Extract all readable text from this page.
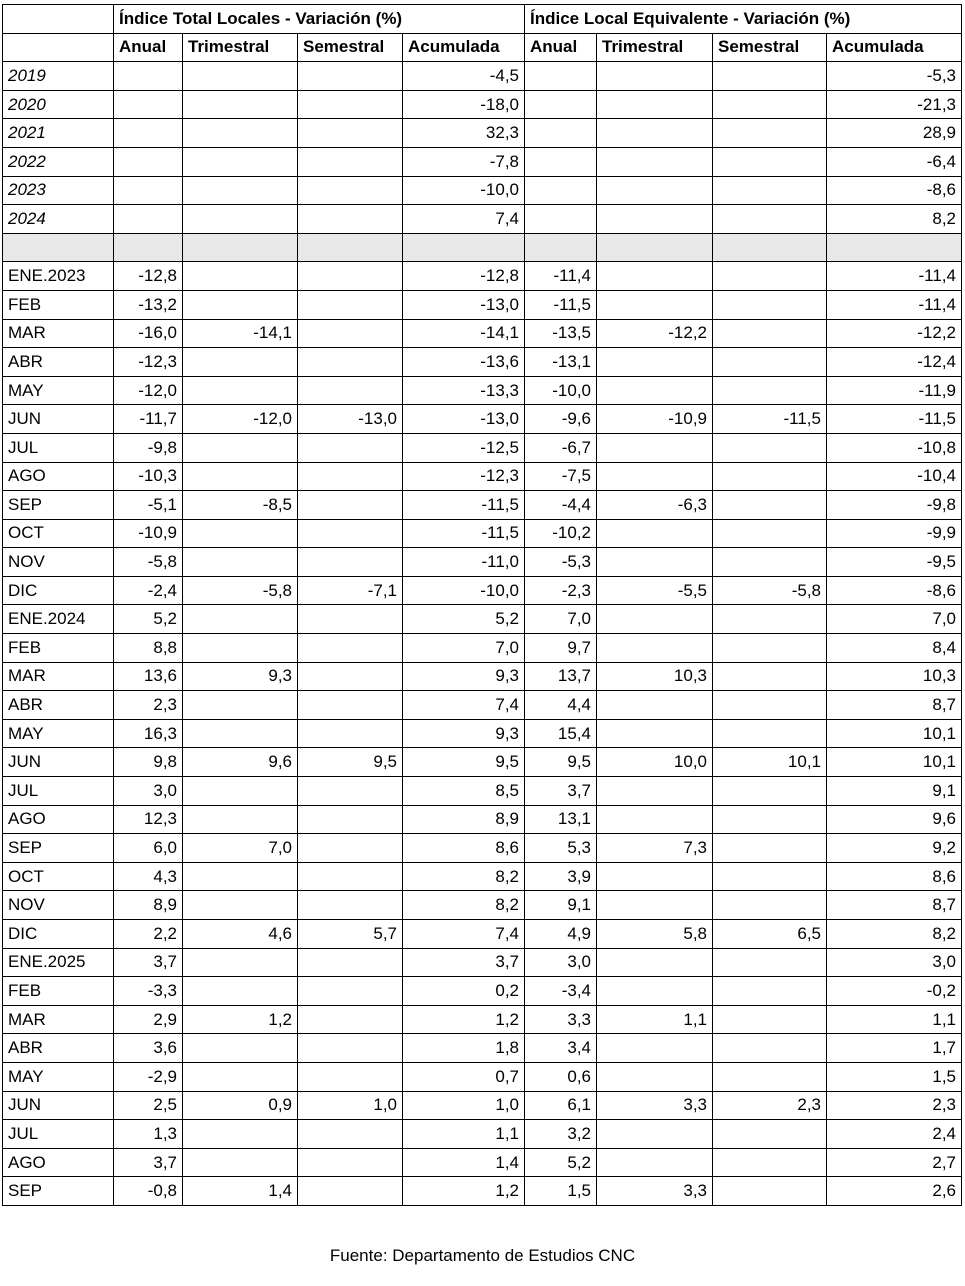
	Índice Total Locales - Variación (%)				Índice Local Equivalente - Variación (%)			
	Anual	Trimestral	Semestral	Acumulada	Anual	Trimestral	Semestral	Acumulada
2019				-4,5				-5,3
2020				-18,0				-21,3
2021				32,3				28,9
2022				-7,8				-6,4
2023				-10,0				-8,6
2024				7,4				8,2

ENE.2023	-12,8			-12,8	-11,4			-11,4
FEB	-13,2			-13,0	-11,5			-11,4
MAR	-16,0	-14,1		-14,1	-13,5	-12,2		-12,2
ABR	-12,3			-13,6	-13,1			-12,4
MAY	-12,0			-13,3	-10,0			-11,9
JUN	-11,7	-12,0	-13,0	-13,0	-9,6	-10,9	-11,5	-11,5
JUL	-9,8			-12,5	-6,7			-10,8
AGO	-10,3			-12,3	-7,5			-10,4
SEP	-5,1	-8,5		-11,5	-4,4	-6,3		-9,8
OCT	-10,9			-11,5	-10,2			-9,9
NOV	-5,8			-11,0	-5,3			-9,5
DIC	-2,4	-5,8	-7,1	-10,0	-2,3	-5,5	-5,8	-8,6
ENE.2024	5,2			5,2	7,0			7,0
FEB	8,8			7,0	9,7			8,4
MAR	13,6	9,3		9,3	13,7	10,3		10,3
ABR	2,3			7,4	4,4			8,7
MAY	16,3			9,3	15,4			10,1
JUN	9,8	9,6	9,5	9,5	9,5	10,0	10,1	10,1
JUL	3,0			8,5	3,7			9,1
AGO	12,3			8,9	13,1			9,6
SEP	6,0	7,0		8,6	5,3	7,3		9,2
OCT	4,3			8,2	3,9			8,6
NOV	8,9			8,2	9,1			8,7
DIC	2,2	4,6	5,7	7,4	4,9	5,8	6,5	8,2
ENE.2025	3,7			3,7	3,0			3,0
FEB	-3,3			0,2	-3,4			-0,2
MAR	2,9	1,2		1,2	3,3	1,1		1,1
ABR	3,6			1,8	3,4			1,7
MAY	-2,9			0,7	0,6			1,5
JUN	2,5	0,9	1,0	1,0	6,1	3,3	2,3	2,3
JUL	1,3			1,1	3,2			2,4
AGO	3,7			1,4	5,2			2,7
SEP	-0,8	1,4		1,2	1,5	3,3		2,6
Fuente: Departamento de Estudios CNC
